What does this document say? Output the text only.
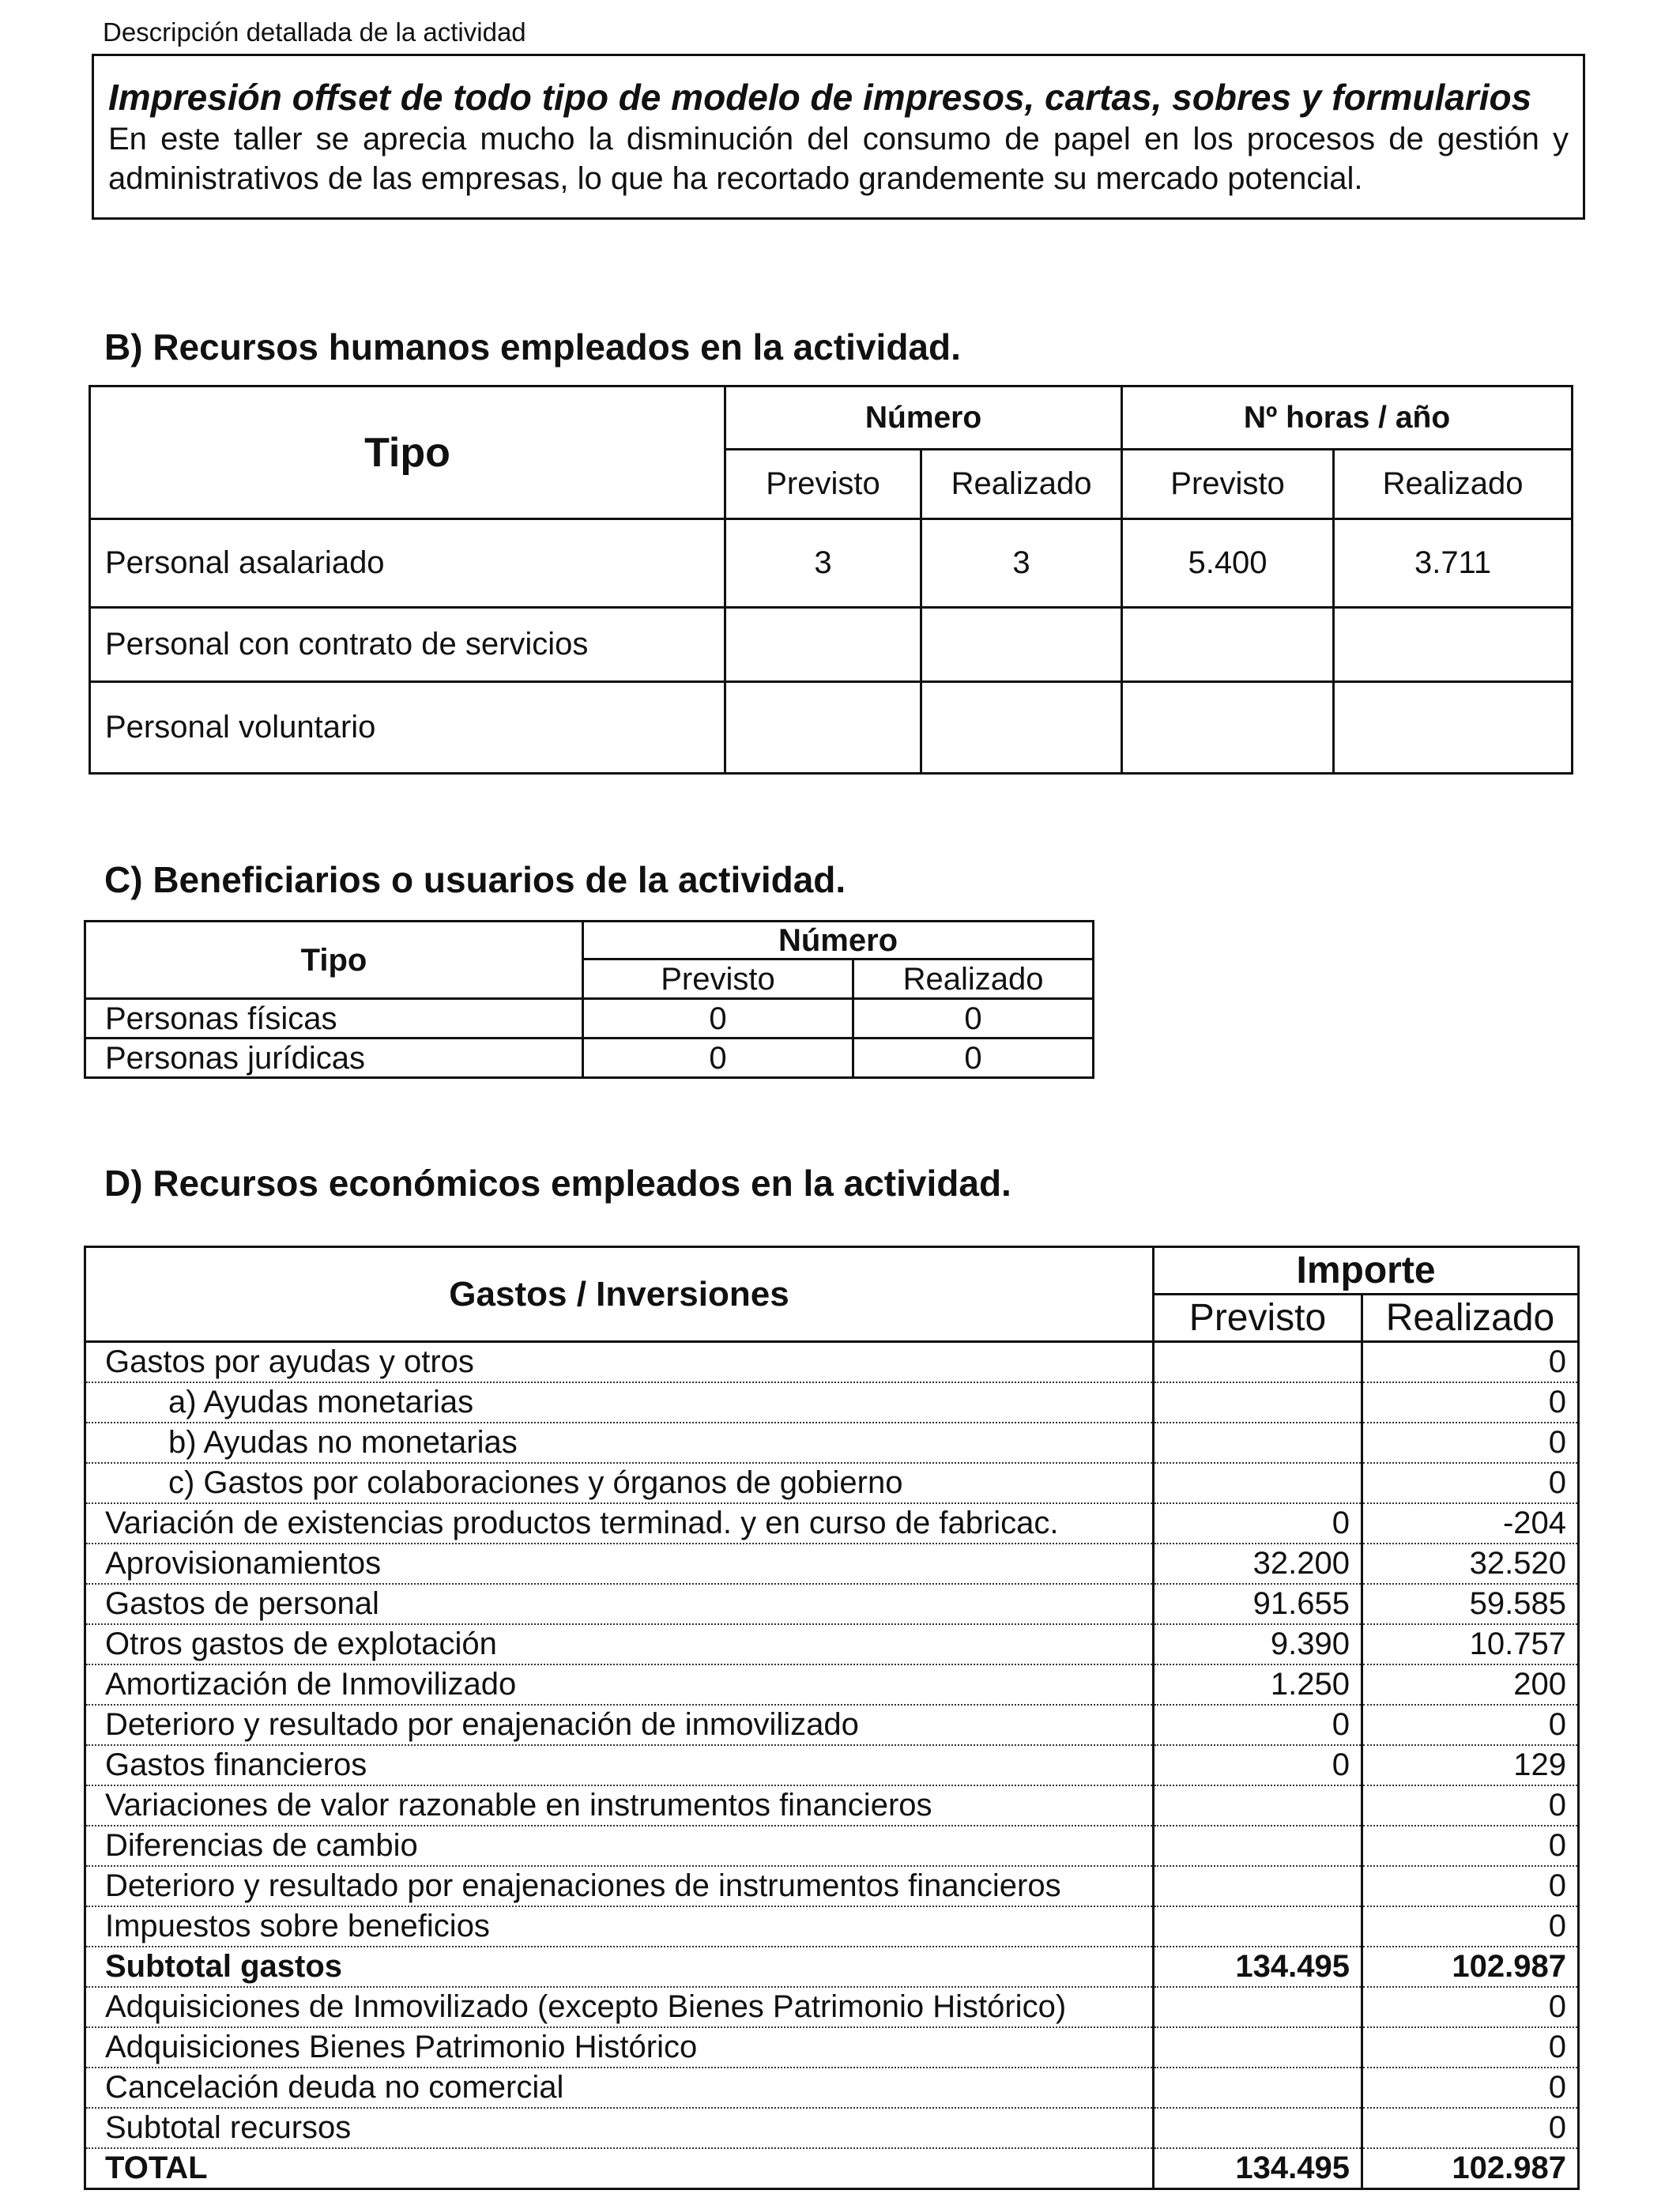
Descripción detallada de la actividad
Impresión offset de todo tipo de modelo de impresos, cartas, sobres y formularios
En este taller se aprecia mucho la disminución del consumo de papel en los procesos de gestión y administrativos de las empresas, lo que ha recortado grandemente su mercado potencial.
B) Recursos humanos empleados en la actividad.
Tipo	Número		Nº horas / año	
	Previsto	Realizado	Previsto	Realizado
Personal asalariado	3	3	5.400	3.711
Personal con contrato de servicios				
Personal voluntario				
C) Beneficiarios o usuarios de la actividad.
Tipo	Número	
	Previsto	Realizado
Personas físicas	0	0
Personas jurídicas	0	0
D) Recursos económicos empleados en la actividad.
Gastos / Inversiones	Importe	
	Previsto	Realizado
Gastos por ayudas y otros		0
a) Ayudas monetarias		0
b) Ayudas no monetarias		0
c) Gastos por colaboraciones y órganos de gobierno		0
Variación de existencias productos terminad. y en curso de fabricac.	0	-204
Aprovisionamientos	32.200	32.520
Gastos de personal	91.655	59.585
Otros gastos de explotación	9.390	10.757
Amortización de Inmovilizado	1.250	200
Deterioro y resultado por enajenación de inmovilizado	0	0
Gastos financieros	0	129
Variaciones de valor razonable en instrumentos financieros		0
Diferencias de cambio		0
Deterioro y resultado por enajenaciones de instrumentos financieros		0
Impuestos sobre beneficios		0
Subtotal gastos	134.495	102.987
Adquisiciones de Inmovilizado (excepto Bienes Patrimonio Histórico)		0
Adquisiciones Bienes Patrimonio Histórico		0
Cancelación deuda no comercial		0
Subtotal recursos		0
TOTAL	134.495	102.987
